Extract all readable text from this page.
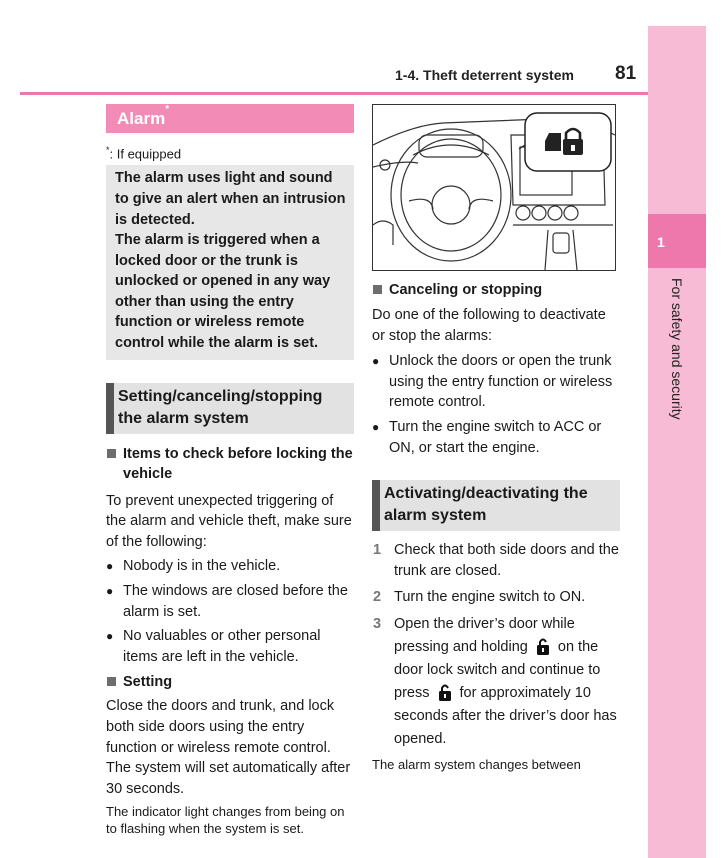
1
For safety and security
1-4. Theft deterrent system 81
Alarm*
*: If equipped
The alarm uses light and sound to give an alert when an intrusion is detected.
The alarm is triggered when a locked door or the trunk is unlocked or opened in any way other than using the entry function or wireless remote control while the alarm is set.
Setting/canceling/stopping the alarm system
Items to check before locking the vehicle
To prevent unexpected triggering of the alarm and vehicle theft, make sure of the following:
● Nobody is in the vehicle.
● The windows are closed before the alarm is set.
● No valuables or other personal items are left in the vehicle.
Setting
Close the doors and trunk, and lock both side doors using the entry function or wireless remote control. The system will set automatically after 30 seconds.
The indicator light changes from being on to flashing when the system is set.
Canceling or stopping
Do one of the following to deactivate or stop the alarms:
● Unlock the doors or open the trunk using the entry function or wireless remote control.
● Turn the engine switch to ACC or ON, or start the engine.
Activating/deactivating the alarm system
1 Check that both side doors and the trunk are closed.
2 Turn the engine switch to ON.
3 Open the driver’s door while pressing and holding on the door lock switch and continue to press for approximately 10 seconds after the driver’s door has opened.
The alarm system changes between
